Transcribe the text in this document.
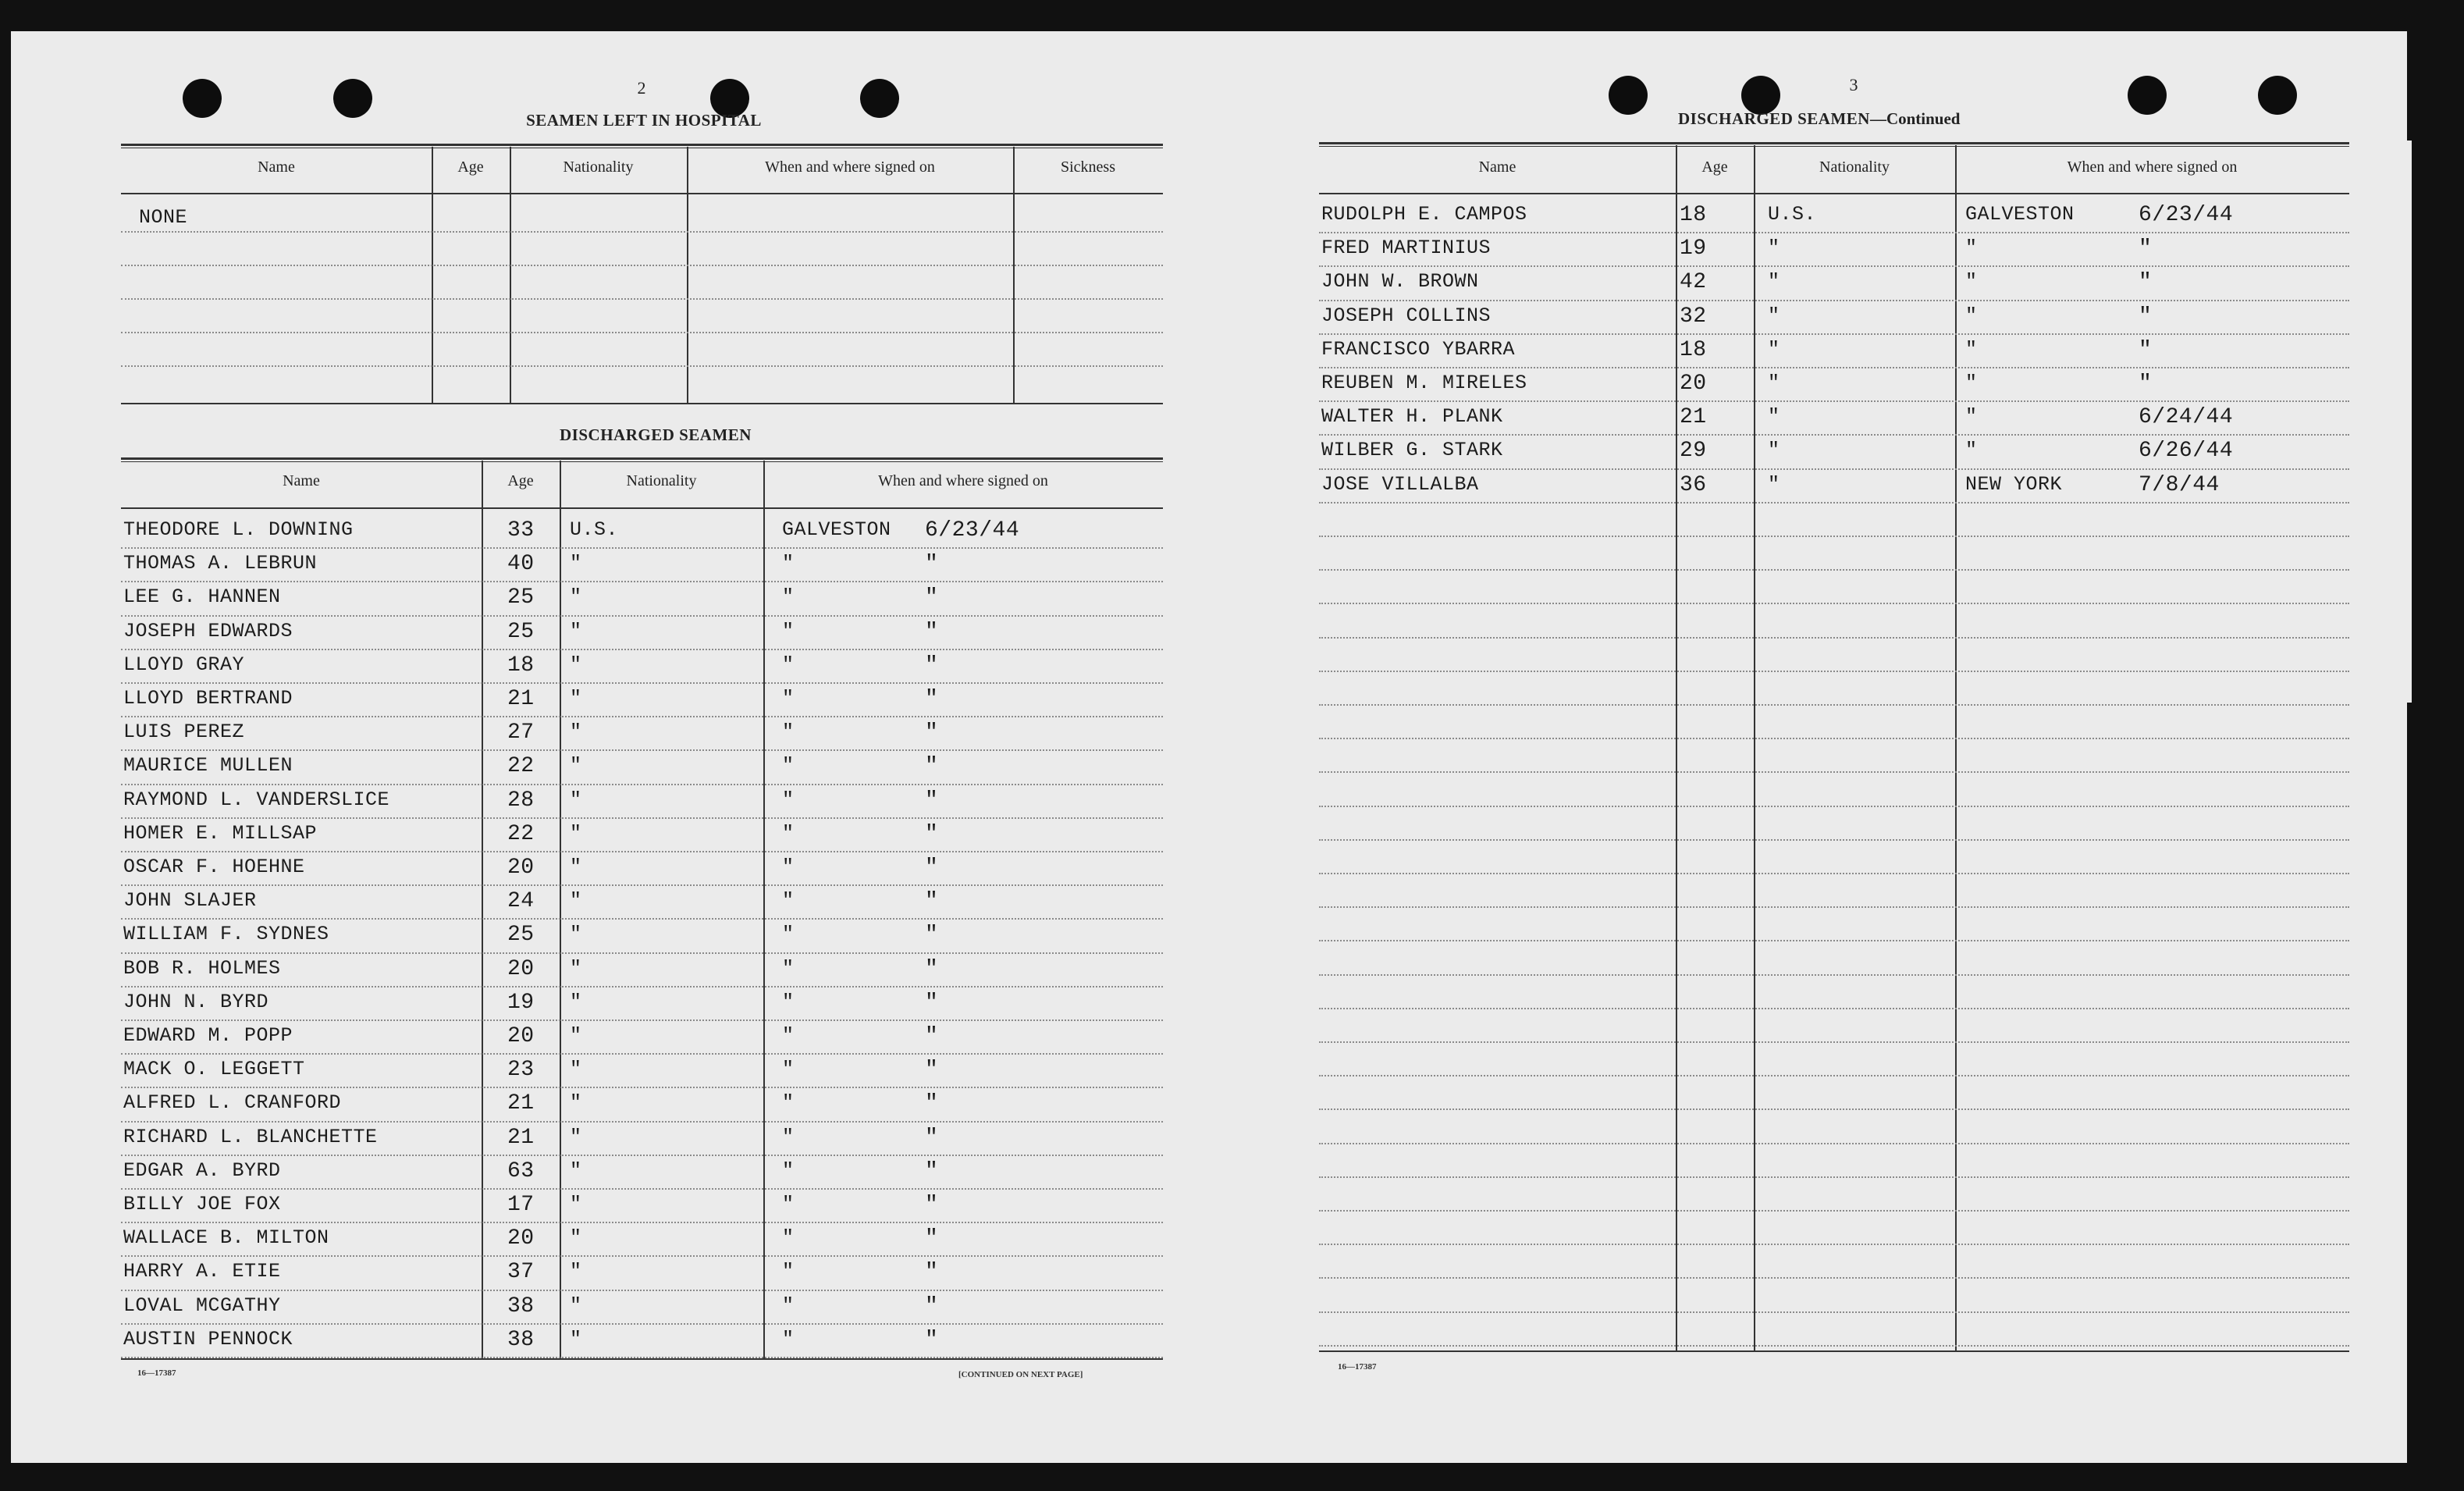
2
SEAMEN LEFT IN HOSPITAL
Name	Age	Nationality	When and where signed on	Sickness
NONE
DISCHARGED SEAMEN
Name	Age	Nationality	When and where signed on
THEODORE L. DOWNING	33 U.S.	GALVESTON 6/23/44
THOMAS A. LEBRUN	40 "	"	"
LEE G. HANNEN	25 "	"	"
JOSEPH EDWARDS	25 "	"	"
LLOYD GRAY	18 "	"	"
LLOYD BERTRAND	21 "	"	"
LUIS PEREZ	27 "	"	"
MAURICE MULLEN	22 "	"	"
RAYMOND L. VANDERSLICE	28 "	"	"
HOMER E. MILLSAP	22 "	"	"
OSCAR F. HOEHNE	20 "	"	"
JOHN SLAJER	24 "	"	"
WILLIAM F. SYDNES	25 "	"	"
BOB R. HOLMES	20 "	"	"
JOHN N. BYRD	19 "	"	"
EDWARD M. POPP	20 "	"	"
MACK O. LEGGETT	23 "	"	"
ALFRED L. CRANFORD	21 "	"	"
RICHARD L. BLANCHETTE	21 "	"	"
EDGAR A. BYRD	63 "	"	"
BILLY JOE FOX	17 "	"	"
WALLACE B. MILTON	20 "	"	"
HARRY A. ETIE	37 "	"	"
LOVAL MCGATHY	38 "	"	"
AUSTIN PENNOCK	38 "	"	"
16—17387	[CONTINUED ON NEXT PAGE]
3
DISCHARGED SEAMEN—Continued
Name	Age	Nationality	When and where signed on
RUDOLPH E. CAMPOS	18	U.S.	GALVESTON	6/23/44
FRED MARTINIUS	19	"	"	"
JOHN W. BROWN	42	"	"	"
JOSEPH COLLINS	32	"	"	"
FRANCISCO YBARRA	18	"	"	"
REUBEN M. MIRELES	20	"	"	"
WALTER H. PLANK	21	"	"	6/24/44
WILBER G. STARK	29	"	"	6/26/44
JOSE VILLALBA	36	"	NEW YORK	7/8/44
16—17387
